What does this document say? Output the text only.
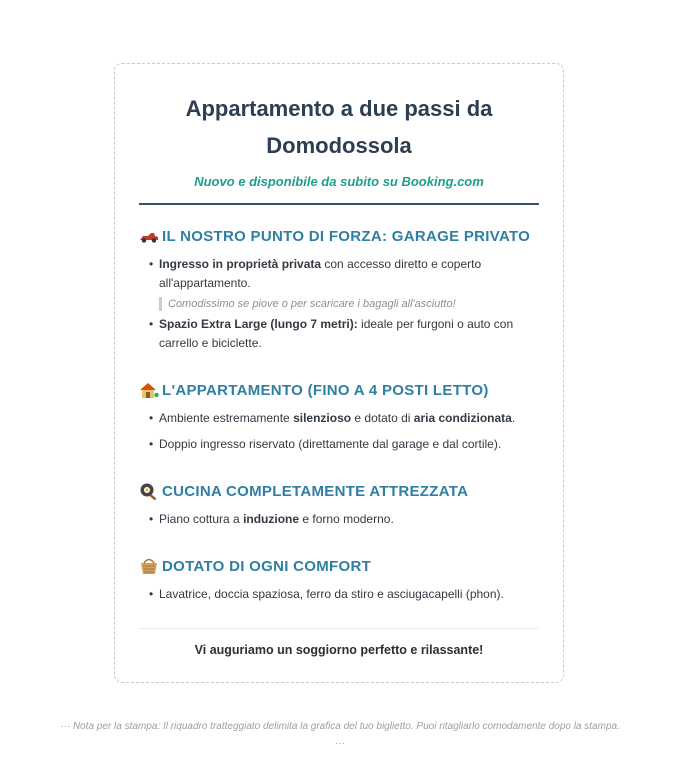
Appartamento a due passi da Domodossola
Nuovo e disponibile da subito su Booking.com
IL NOSTRO PUNTO DI FORZA: GARAGE PRIVATO
• Ingresso in proprietà privata con accesso diretto e coperto all'appartamento.
Comodissimo se piove o per scaricare i bagagli all'asciutto!
• Spazio Extra Large (lungo 7 metri): ideale per furgoni o auto con carrello e biciclette.
L'APPARTAMENTO (FINO A 4 POSTI LETTO)
• Ambiente estremamente silenzioso e dotato di aria condizionata.
• Doppio ingresso riservato (direttamente dal garage e dal cortile).
CUCINA COMPLETAMENTE ATTREZZATA
• Piano cottura a induzione e forno moderno.
DOTATO DI OGNI COMFORT
• Lavatrice, doccia spaziosa, ferro da stiro e asciugacapelli (phon).
Vi auguriamo un soggiorno perfetto e rilassante!
··· Nota per la stampa: Il riquadro tratteggiato delimita la grafica del tuo biglietto. Puoi ritagliarlo comodamente dopo la stampa. ···
